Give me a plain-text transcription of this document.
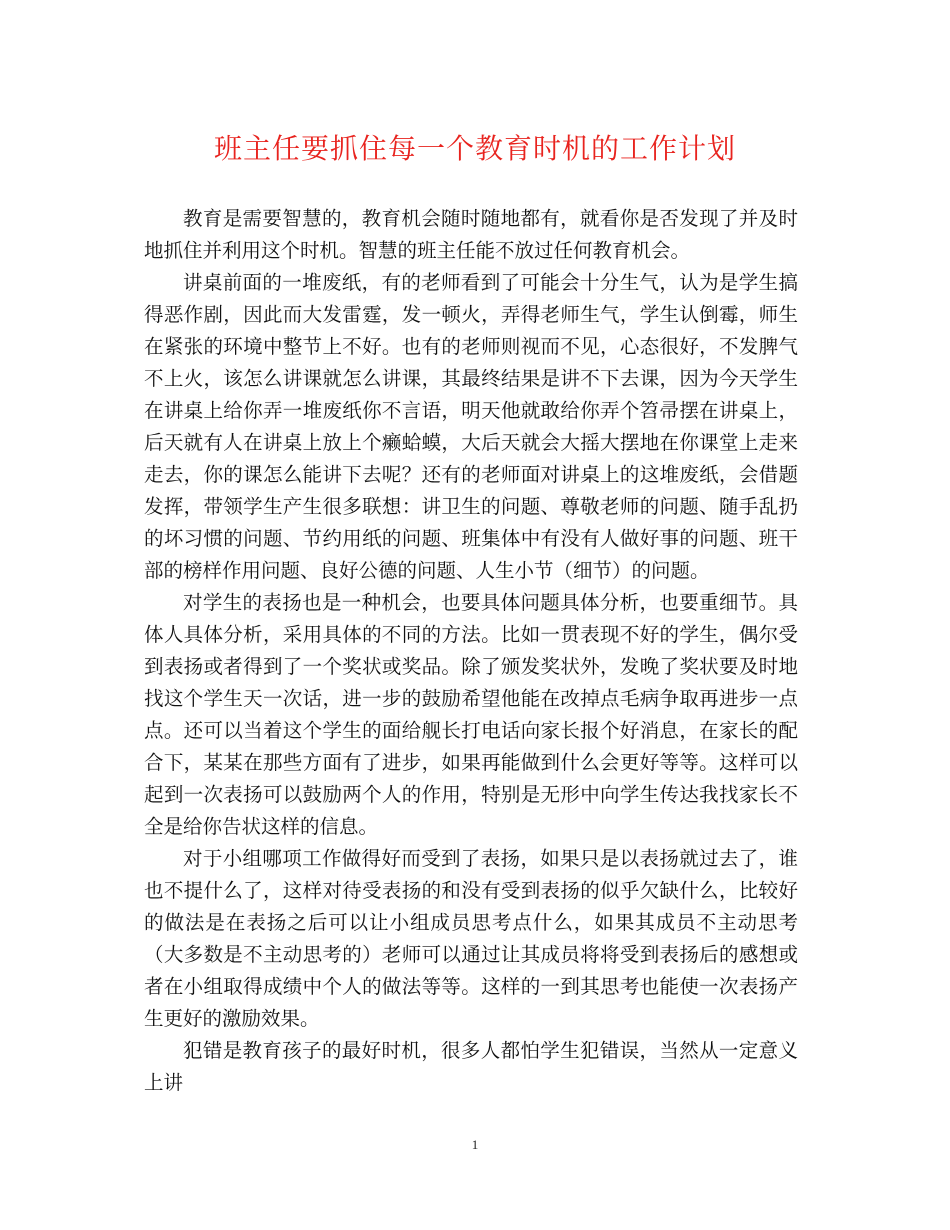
班主任要抓住每一个教育时机的工作计划

教育是需要智慧的，教育机会随时随地都有，就看你是否发现了并及时地抓住并利用这个时机。智慧的班主任能不放过任何教育机会。

讲桌前面的一堆废纸，有的老师看到了可能会十分生气，认为是学生搞得恶作剧，因此而大发雷霆，发一顿火，弄得老师生气，学生认倒霉，师生在紧张的环境中整节上不好。也有的老师则视而不见，心态很好，不发脾气不上火，该怎么讲课就怎么讲课，其最终结果是讲不下去课，因为今天学生在讲桌上给你弄一堆废纸你不言语，明天他就敢给你弄个笤帚摆在讲桌上，后天就有人在讲桌上放上个癞蛤蟆，大后天就会大摇大摆地在你课堂上走来走去，你的课怎么能讲下去呢？还有的老师面对讲桌上的这堆废纸，会借题发挥，带领学生产生很多联想：讲卫生的问题、尊敬老师的问题、随手乱扔的坏习惯的问题、节约用纸的问题、班集体中有没有人做好事的问题、班干部的榜样作用问题、良好公德的问题、人生小节（细节）的问题。

对学生的表扬也是一种机会，也要具体问题具体分析，也要重细节。具体人具体分析，采用具体的不同的方法。比如一贯表现不好的学生，偶尔受到表扬或者得到了一个奖状或奖品。除了颁发奖状外，发晚了奖状要及时地找这个学生天一次话，进一步的鼓励希望他能在改掉点毛病争取再进步一点点。还可以当着这个学生的面给舰长打电话向家长报个好消息，在家长的配合下，某某在那些方面有了进步，如果再能做到什么会更好等等。这样可以起到一次表扬可以鼓励两个人的作用，特别是无形中向学生传达我找家长不全是给你告状这样的信息。

对于小组哪项工作做得好而受到了表扬，如果只是以表扬就过去了，谁也不提什么了，这样对待受表扬的和没有受到表扬的似乎欠缺什么，比较好的做法是在表扬之后可以让小组成员思考点什么，如果其成员不主动思考（大多数是不主动思考的）老师可以通过让其成员将将受到表扬后的感想或者在小组取得成绩中个人的做法等等。这样的一到其思考也能使一次表扬产生更好的激励效果。

犯错是教育孩子的最好时机，很多人都怕学生犯错误，当然从一定意义上讲

1
